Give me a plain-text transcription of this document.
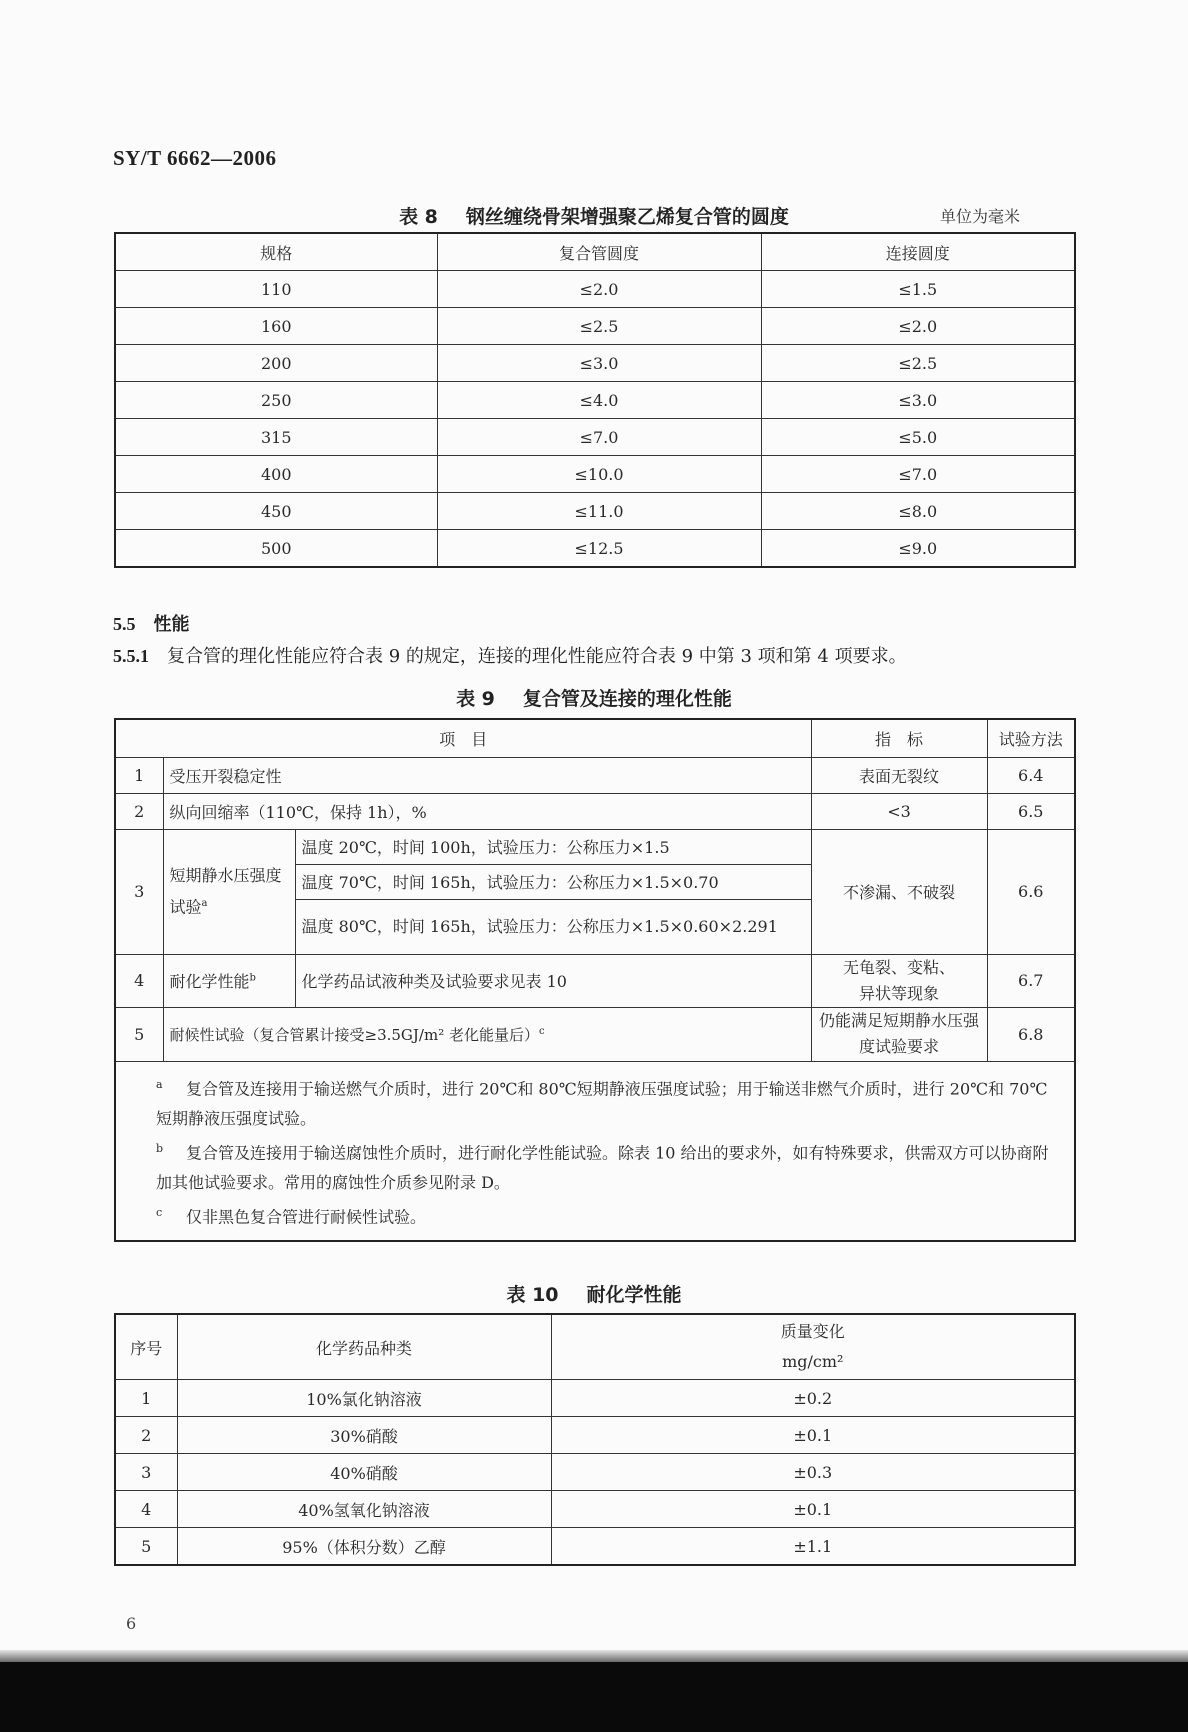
SY/T 6662—2006
表 8 钢丝缠绕骨架增强聚乙烯复合管的圆度	单位为毫米
规格	复合管圆度	连接圆度
110	≤2.0	≤1.5
160	≤2.5	≤2.0
200	≤3.0	≤2.5
250	≤4.0	≤3.0
315	≤7.0	≤5.0
400	≤10.0	≤7.0
450	≤11.0	≤8.0
500	≤12.5	≤9.0
5.5 性能
5.5.1 复合管的理化性能应符合表 9 的规定，连接的理化性能应符合表 9 中第 3 项和第 4 项要求。
表 9 复合管及连接的理化性能
项　目			指　标	试验方法
1	受压开裂稳定性		表面无裂纹	6.4
2	纵向回缩率（110℃，保持 1h），%		<3	6.5
3	短期静水压强度试验$^a$	温度 20℃，时间 100h，试验压力：公称压力×1.5	不渗漏、不破裂	6.6
		温度 70℃，时间 165h，试验压力：公称压力×1.5×0.70		
		温度 80℃，时间 165h，试验压力：公称压力×1.5×0.60×2.291		
4	耐化学性能$^b$	化学药品试液种类及试验要求见表 10	无龟裂、变粘、异状等现象	6.7
5	耐候性试验（复合管累计接受≥3.5GJ/m² 老化能量后）$^c$		仍能满足短期静水压强度试验要求	6.8

a 复合管及连接用于输送燃气介质时，进行 20℃和 80℃短期静液压强度试验；用于输送非燃气介质时，进行 20℃和 70℃短期静液压强度试验。
b 复合管及连接用于输送腐蚀性介质时，进行耐化学性能试验。除表 10 给出的要求外，如有特殊要求，供需双方可以协商附加其他试验要求。常用的腐蚀性介质参见附录 D。
c 仅非黑色复合管进行耐候性试验。				
表 10 耐化学性能
序号	化学药品种类	质量变化
mg/cm²

1	10%氯化钠溶液	±0.2
2	30%硝酸	±0.1
3	40%硝酸	±0.3
4	40%氢氧化钠溶液	±0.1
5	95%（体积分数）乙醇	±1.1
6
